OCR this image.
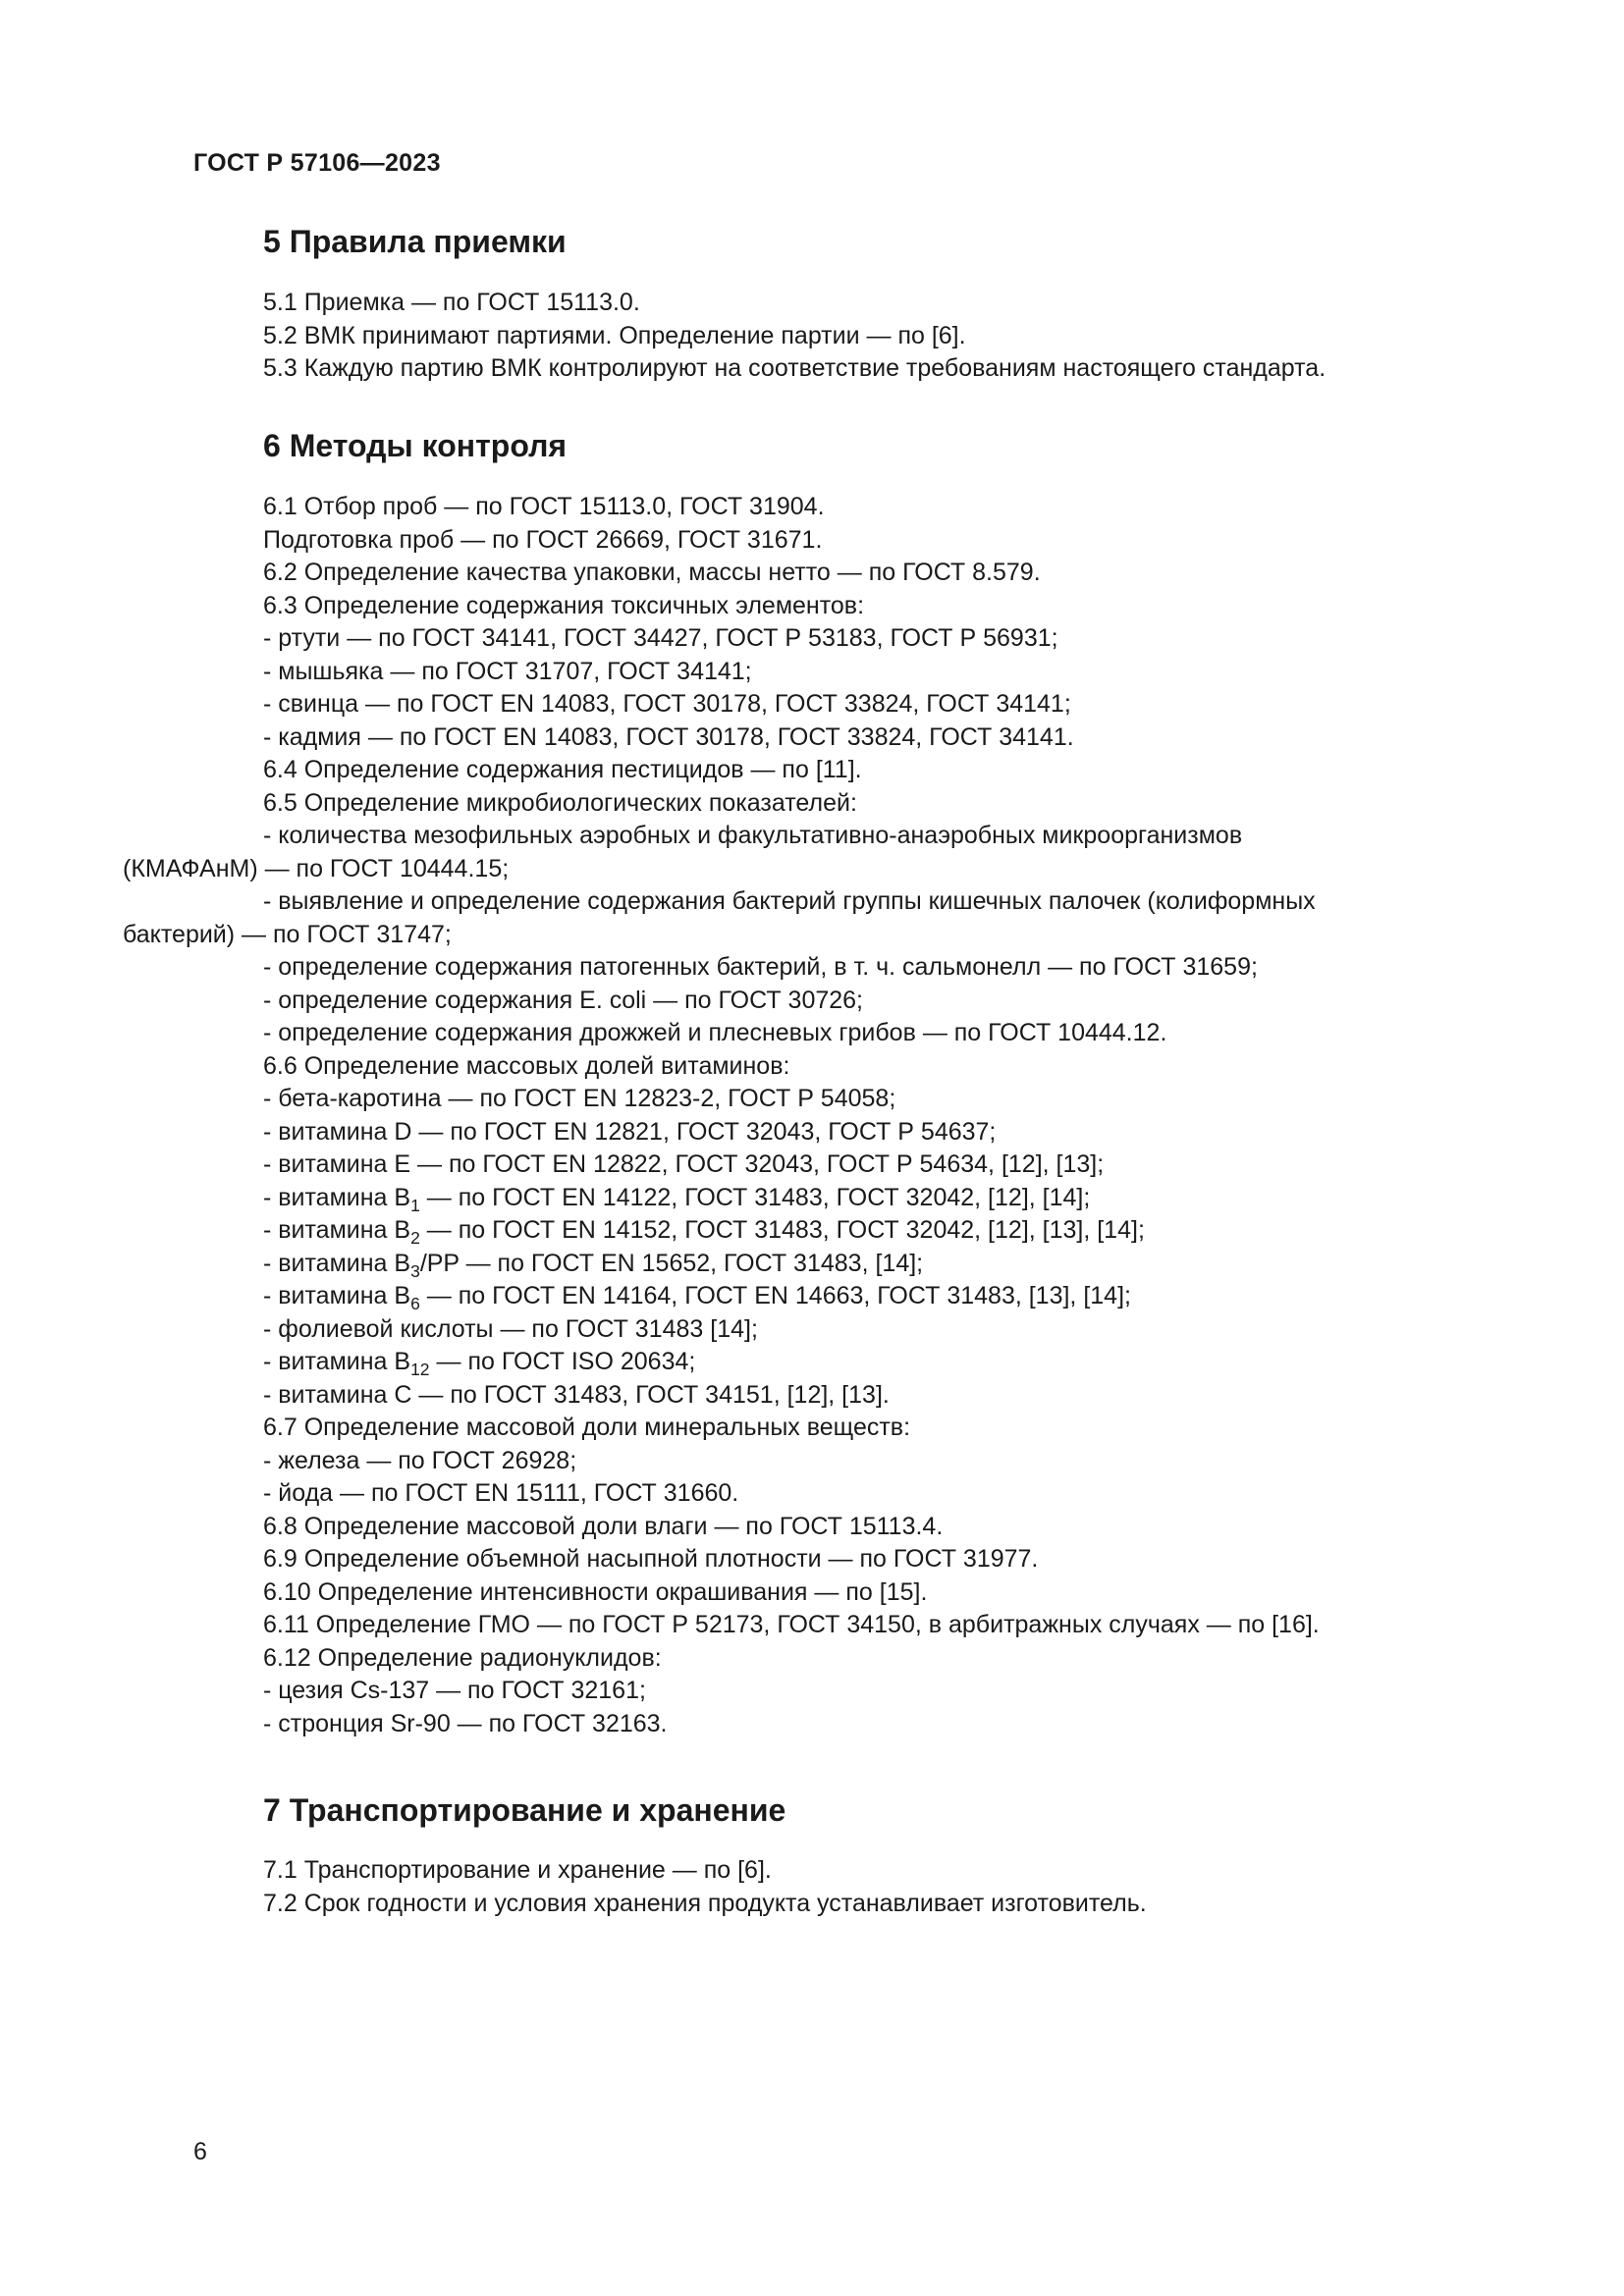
ГОСТ Р 57106—2023
5 Правила приемки
5.1 Приемка — по ГОСТ 15113.0.
5.2 ВМК принимают партиями. Определение партии — по [6].
5.3 Каждую партию ВМК контролируют на соответствие требованиям настоящего стандарта.
6 Методы контроля
6.1 Отбор проб — по ГОСТ 15113.0, ГОСТ 31904.
Подготовка проб — по ГОСТ 26669, ГОСТ 31671.
6.2 Определение качества упаковки, массы нетто — по ГОСТ 8.579.
6.3 Определение содержания токсичных элементов:
- ртути — по ГОСТ 34141, ГОСТ 34427, ГОСТ Р 53183, ГОСТ Р 56931;
- мышьяка — по ГОСТ 31707, ГОСТ 34141;
- свинца — по ГОСТ EN 14083, ГОСТ 30178, ГОСТ 33824, ГОСТ 34141;
- кадмия — по ГОСТ EN 14083, ГОСТ 30178, ГОСТ 33824, ГОСТ 34141.
6.4 Определение содержания пестицидов — по [11].
6.5 Определение микробиологических показателей:
- количества мезофильных аэробных и факультативно-анаэробных микроорганизмов
(КМАФАнМ) — по ГОСТ 10444.15;
- выявление и определение содержания бактерий группы кишечных палочек (колиформных
бактерий) — по ГОСТ 31747;
- определение содержания патогенных бактерий, в т. ч. сальмонелл — по ГОСТ 31659;
- определение содержания E. coli — по ГОСТ 30726;
- определение содержания дрожжей и плесневых грибов — по ГОСТ 10444.12.
6.6 Определение массовых долей витаминов:
- бета-каротина — по ГОСТ EN 12823-2, ГОСТ Р 54058;
- витамина D — по ГОСТ EN 12821, ГОСТ 32043, ГОСТ Р 54637;
- витамина E — по ГОСТ EN 12822, ГОСТ 32043, ГОСТ Р 54634, [12], [13];
- витамина $B_1$ — по ГОСТ EN 14122, ГОСТ 31483, ГОСТ 32042, [12], [14];
- витамина $B_2$ — по ГОСТ EN 14152, ГОСТ 31483, ГОСТ 32042, [12], [13], [14];
- витамина $B_3/PP$ — по ГОСТ EN 15652, ГОСТ 31483, [14];
- витамина $B_6$ — по ГОСТ EN 14164, ГОСТ EN 14663, ГОСТ 31483, [13], [14];
- фолиевой кислоты — по ГОСТ 31483 [14];
- витамина $B_{12}$ — по ГОСТ ISO 20634;
- витамина C — по ГОСТ 31483, ГОСТ 34151, [12], [13].
6.7 Определение массовой доли минеральных веществ:
- железа — по ГОСТ 26928;
- йода — по ГОСТ EN 15111, ГОСТ 31660.
6.8 Определение массовой доли влаги — по ГОСТ 15113.4.
6.9 Определение объемной насыпной плотности — по ГОСТ 31977.
6.10 Определение интенсивности окрашивания — по [15].
6.11 Определение ГМО — по ГОСТ Р 52173, ГОСТ 34150, в арбитражных случаях — по [16].
6.12 Определение радионуклидов:
- цезия Cs-137 — по ГОСТ 32161;
- стронция Sr-90 — по ГОСТ 32163.
7 Транспортирование и хранение
7.1 Транспортирование и хранение — по [6].
7.2 Срок годности и условия хранения продукта устанавливает изготовитель.
6
